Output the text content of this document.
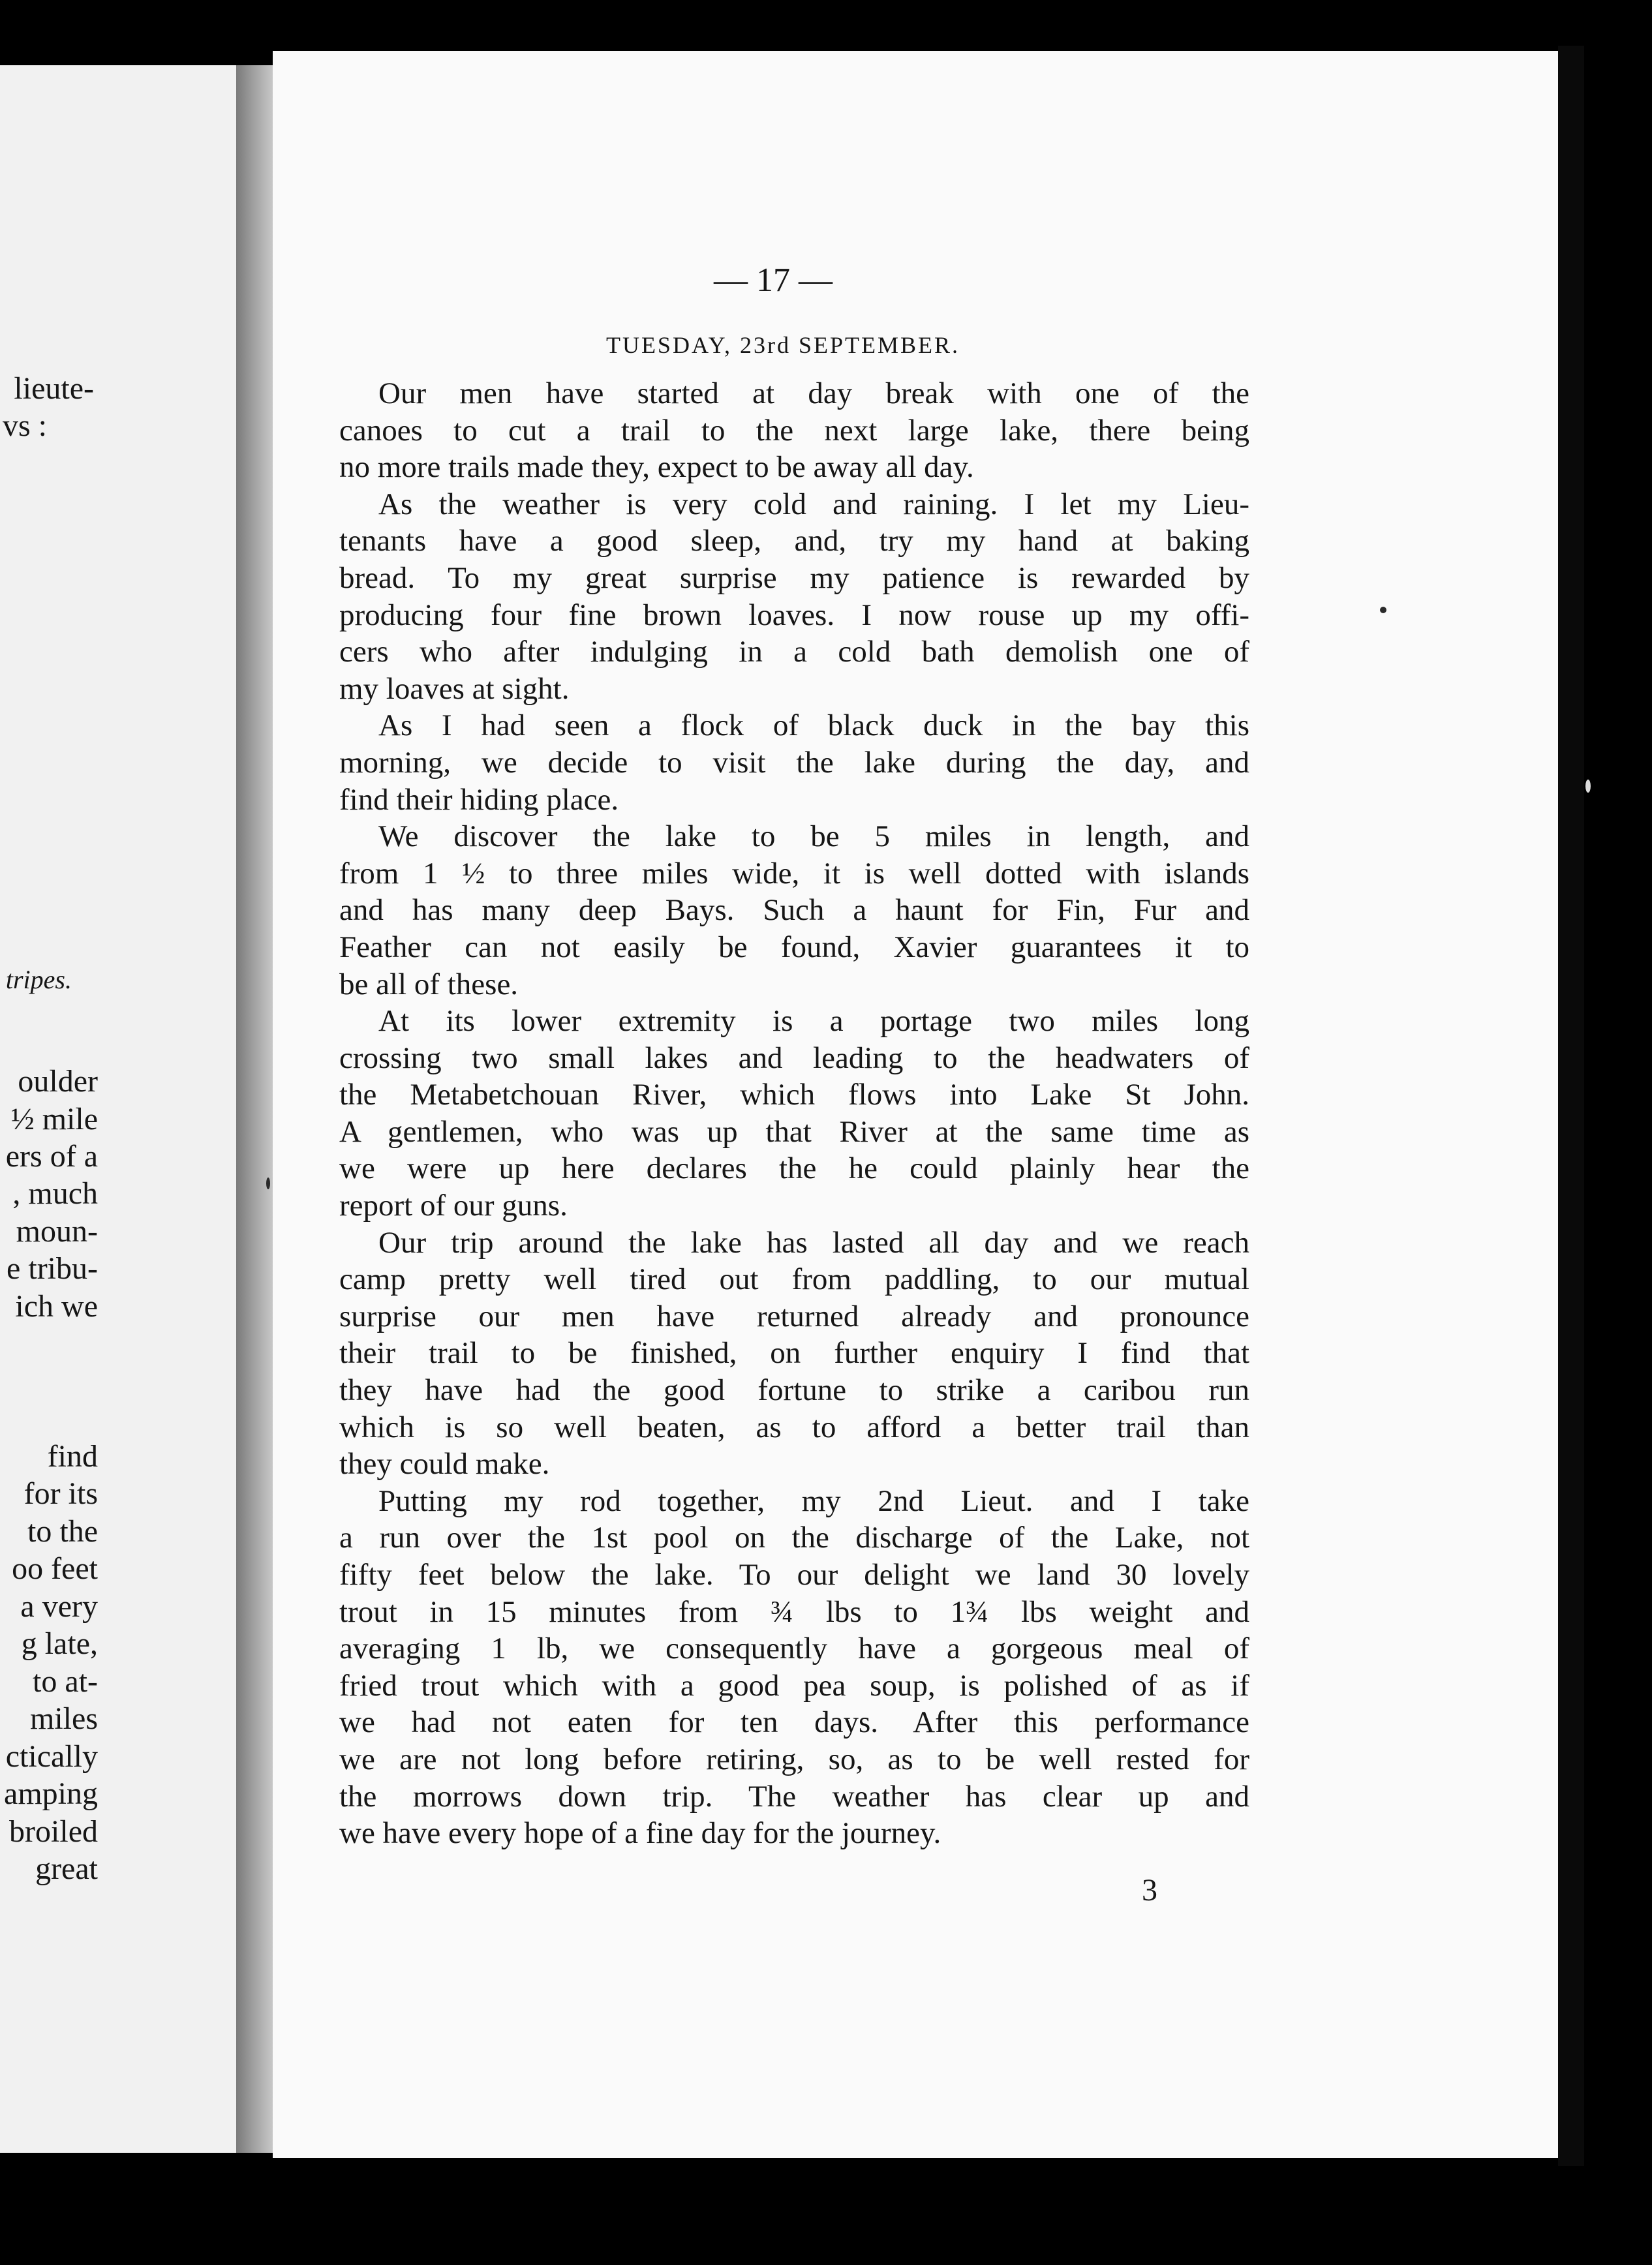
lieute-
vs :
tripes.
oulder
½ mile
ers of a
, much
moun-
e tribu-
ich we
find
for its
to the
oo feet
a very
g late,
to at-
miles
ctically
amping
broiled
great
— 17 —
TUESDAY, 23rd SEPTEMBER.
Our men have started at day break with one of the
canoes to cut a trail to the next large lake, there being
no more trails made they, expect to be away all day.
As the weather is very cold and raining. I let my Lieu-
tenants have a good sleep, and, try my hand at baking
bread. To my great surprise my patience is rewarded by
producing four fine brown loaves. I now rouse up my offi-
cers who after indulging in a cold bath demolish one of
my loaves at sight.
As I had seen a flock of black duck in the bay this
morning, we decide to visit the lake during the day, and
find their hiding place.
We discover the lake to be 5 miles in length, and
from 1 ½ to three miles wide, it is well dotted with islands
and has many deep Bays. Such a haunt for Fin, Fur and
Feather can not easily be found, Xavier guarantees it to
be all of these.
At its lower extremity is a portage two miles long
crossing two small lakes and leading to the headwaters of
the Metabetchouan River, which flows into Lake St John.
A gentlemen, who was up that River at the same time as
we were up here declares the he could plainly hear the
report of our guns.
Our trip around the lake has lasted all day and we reach
camp pretty well tired out from paddling, to our mutual
surprise our men have returned already and pronounce
their trail to be finished, on further enquiry I find that
they have had the good fortune to strike a caribou run
which is so well beaten, as to afford a better trail than
they could make.
Putting my rod together, my 2nd Lieut. and I take
a run over the 1st pool on the discharge of the Lake, not
fifty feet below the lake. To our delight we land 30 lovely
trout in 15 minutes from ¾ lbs to 1¾ lbs weight and
averaging 1 lb, we consequently have a gorgeous meal of
fried trout which with a good pea soup, is polished of as if
we had not eaten for ten days. After this performance
we are not long before retiring, so, as to be well rested for
the morrows down trip. The weather has clear up and
we have every hope of a fine day for the journey.
3
